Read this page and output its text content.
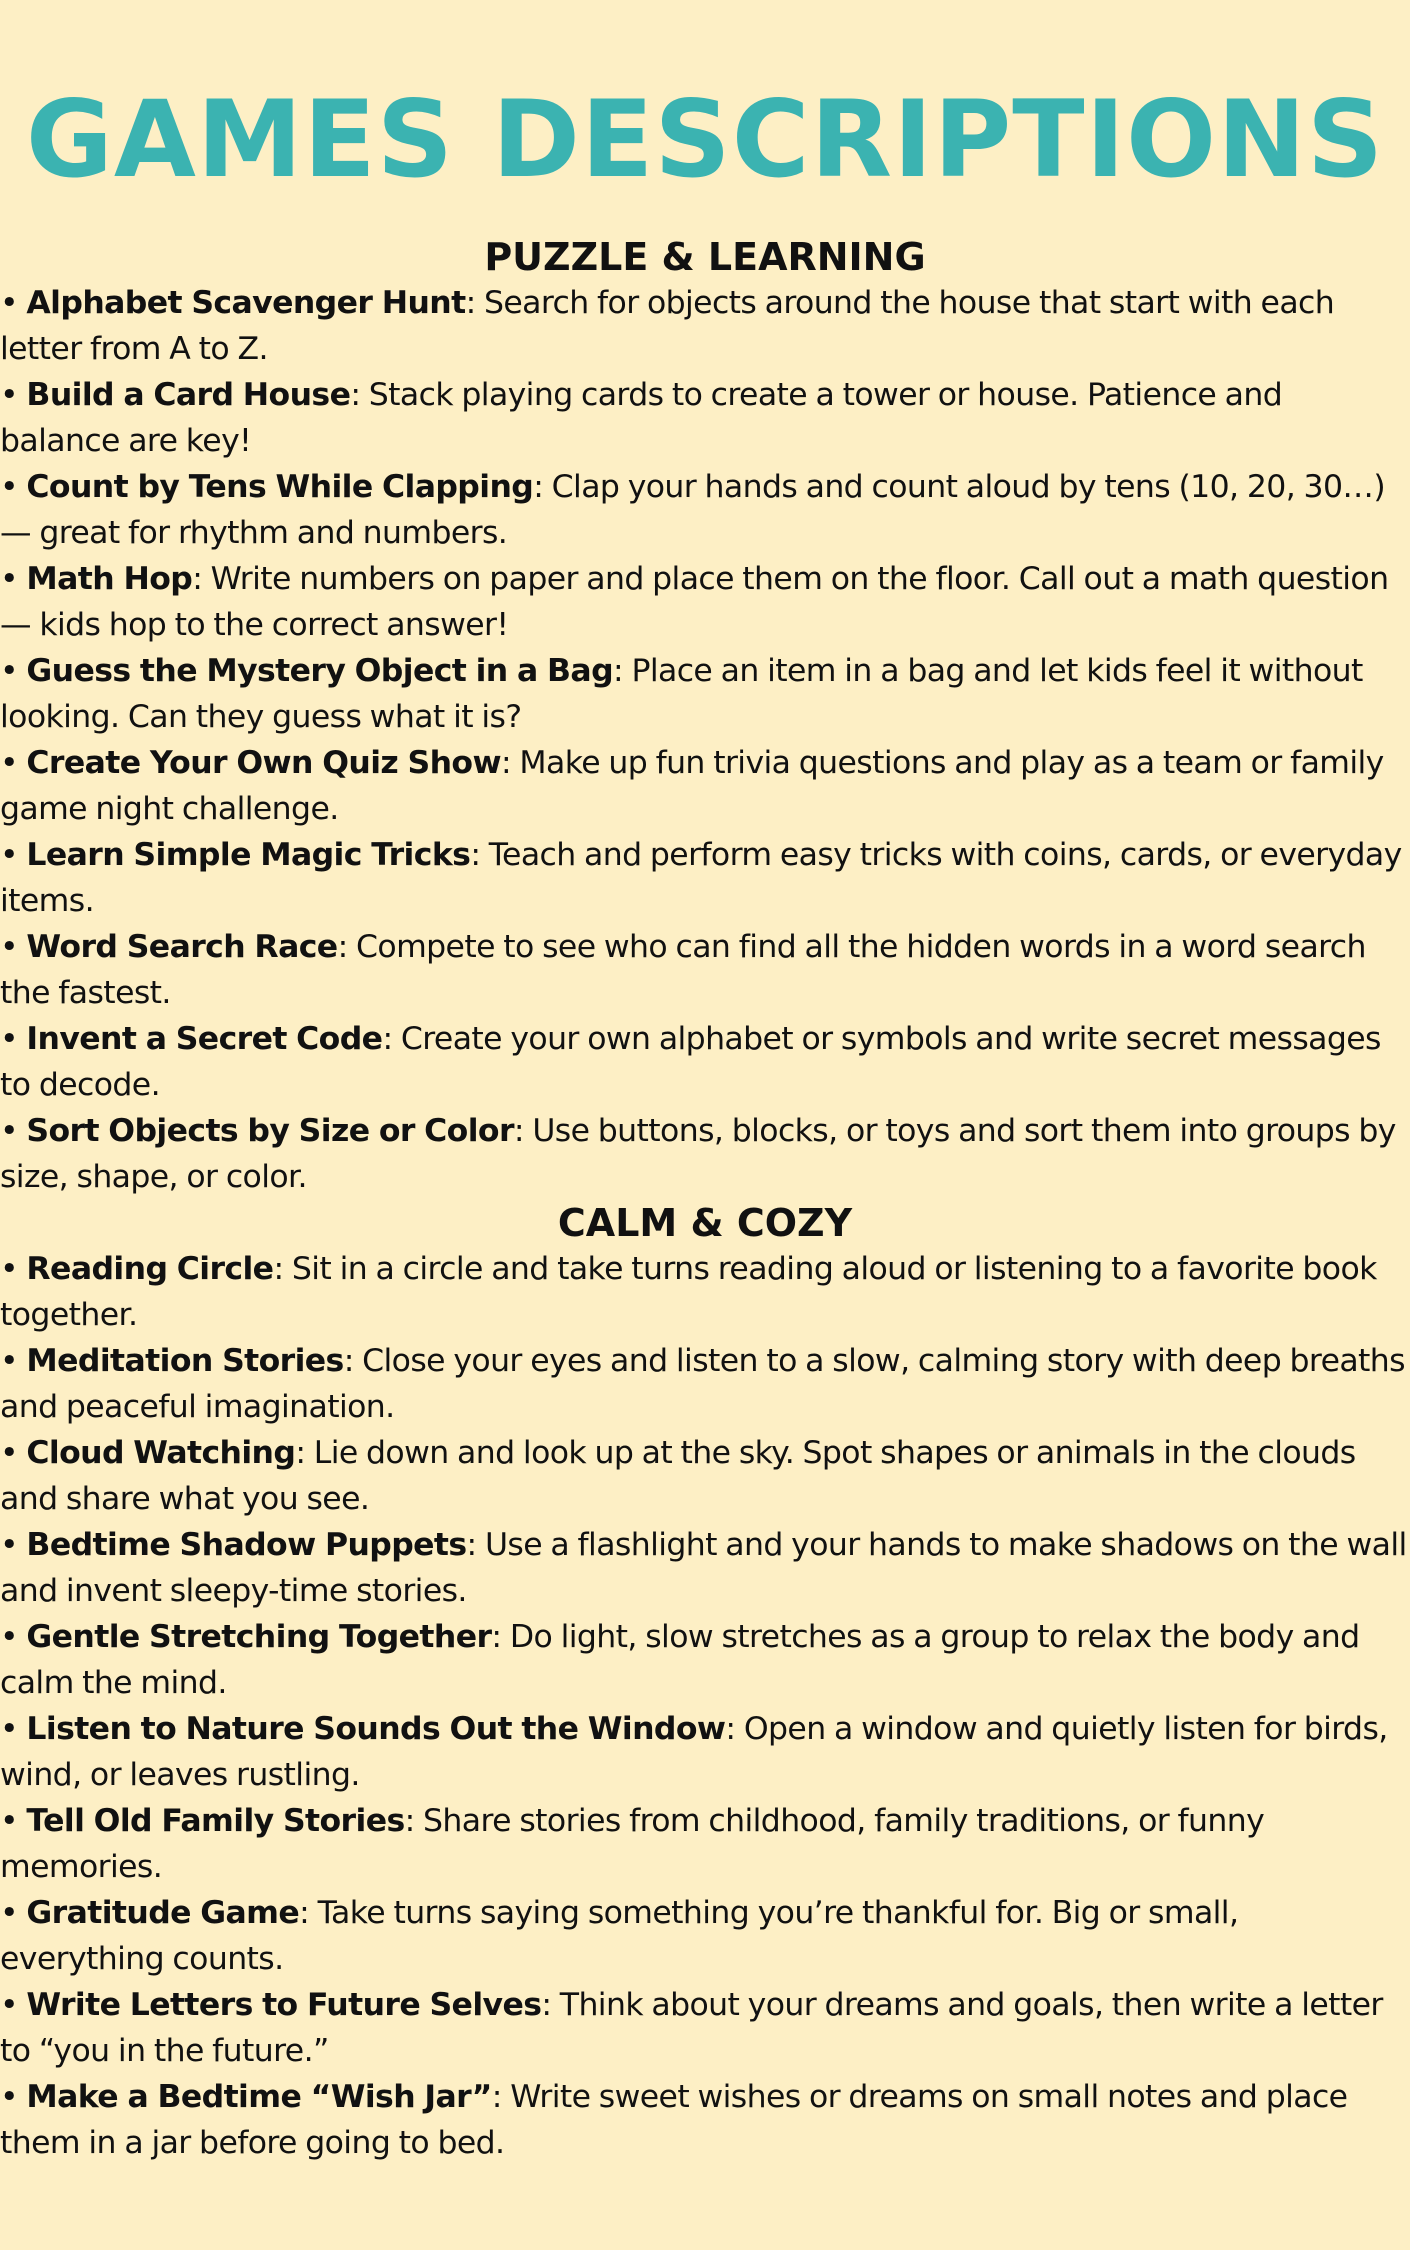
GAMES DESCRIPTIONS
PUZZLE & LEARNING
• Alphabet Scavenger Hunt: Search for objects around the house that start with each letter from A to Z.
• Build a Card House: Stack playing cards to create a tower or house. Patience and balance are key!
• Count by Tens While Clapping: Clap your hands and count aloud by tens (10, 20, 30…) — great for rhythm and numbers.
• Math Hop: Write numbers on paper and place them on the floor. Call out a math question — kids hop to the correct answer!
• Guess the Mystery Object in a Bag: Place an item in a bag and let kids feel it without looking. Can they guess what it is?
• Create Your Own Quiz Show: Make up fun trivia questions and play as a team or family game night challenge.
• Learn Simple Magic Tricks: Teach and perform easy tricks with coins, cards, or everyday items.
• Word Search Race: Compete to see who can find all the hidden words in a word search the fastest.
• Invent a Secret Code: Create your own alphabet or symbols and write secret messages to decode.
• Sort Objects by Size or Color: Use buttons, blocks, or toys and sort them into groups by size, shape, or color.
CALM & COZY
• Reading Circle: Sit in a circle and take turns reading aloud or listening to a favorite book together.
• Meditation Stories: Close your eyes and listen to a slow, calming story with deep breaths and peaceful imagination.
• Cloud Watching: Lie down and look up at the sky. Spot shapes or animals in the clouds and share what you see.
• Bedtime Shadow Puppets: Use a flashlight and your hands to make shadows on the wall and invent sleepy-time stories.
• Gentle Stretching Together: Do light, slow stretches as a group to relax the body and calm the mind.
• Listen to Nature Sounds Out the Window: Open a window and quietly listen for birds, wind, or leaves rustling.
• Tell Old Family Stories: Share stories from childhood, family traditions, or funny memories.
• Gratitude Game: Take turns saying something you’re thankful for. Big or small, everything counts.
• Write Letters to Future Selves: Think about your dreams and goals, then write a letter to “you in the future.”
• Make a Bedtime “Wish Jar”: Write sweet wishes or dreams on small notes and place them in a jar before going to bed.
